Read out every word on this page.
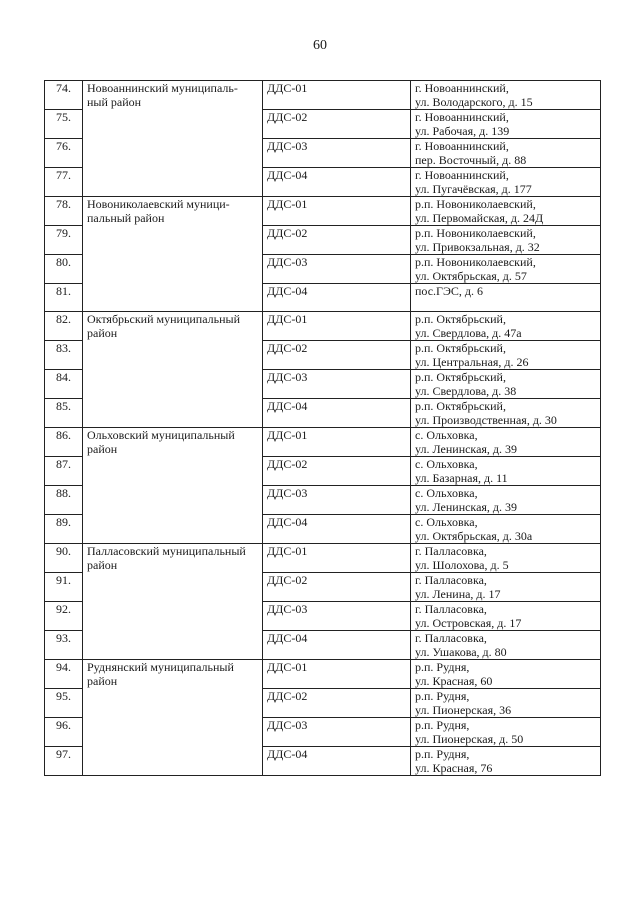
60
74.	Новоаннинский муниципаль-
ный район	ДДС-01	г. Новоаннинский,
ул. Володарского, д. 15

75.		ДДС-02	г. Новоаннинский,
ул. Рабочая, д. 139

76.		ДДС-03	г. Новоаннинский,
пер. Восточный, д. 88

77.		ДДС-04	г. Новоаннинский,
ул. Пугачёвская, д. 177

78.	Новониколаевский муници-
пальный район	ДДС-01	р.п. Новониколаевский,
ул. Первомайская, д. 24Д

79.		ДДС-02	р.п. Новониколаевский,
ул. Привокзальная, д. 32

80.		ДДС-03	р.п. Новониколаевский,
ул. Октябрьская, д. 57

81.		ДДС-04	пос.ГЭС, д. 6

82.	Октябрьский муниципальный
район	ДДС-01	р.п. Октябрьский,
ул. Свердлова, д. 47а

83.		ДДС-02	р.п. Октябрьский,
ул. Центральная, д. 26

84.		ДДС-03	р.п. Октябрьский,
ул. Свердлова, д. 38

85.		ДДС-04	р.п. Октябрьский,
ул. Производственная, д. 30

86.	Ольховский муниципальный
район	ДДС-01	с. Ольховка,
ул. Ленинская, д. 39

87.		ДДС-02	с. Ольховка,
ул. Базарная, д. 11

88.		ДДС-03	с. Ольховка,
ул. Ленинская, д. 39

89.		ДДС-04	с. Ольховка,
ул. Октябрьская, д. 30а

90.	Палласовский муниципальный
район	ДДС-01	г. Палласовка,
ул. Шолохова, д. 5

91.		ДДС-02	г. Палласовка,
ул. Ленина, д. 17

92.		ДДС-03	г. Палласовка,
ул. Островская, д. 17

93.		ДДС-04	г. Палласовка,
ул. Ушакова, д. 80

94.	Руднянский муниципальный
район	ДДС-01	р.п. Рудня,
ул. Красная, 60

95.		ДДС-02	р.п. Рудня,
ул. Пионерская, 36

96.		ДДС-03	р.п. Рудня,
ул. Пионерская, д. 50

97.		ДДС-04	р.п. Рудня,
ул. Красная, 76
